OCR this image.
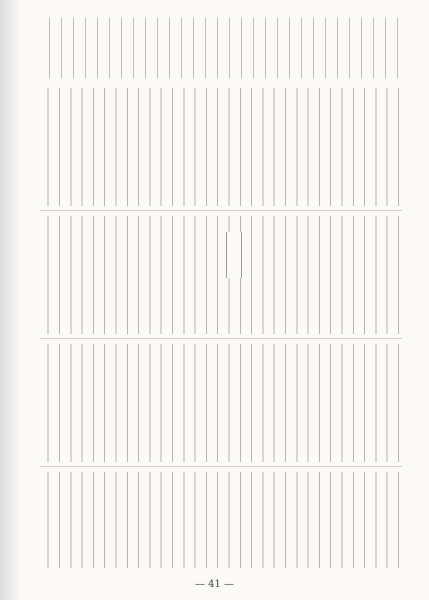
— 41 —
